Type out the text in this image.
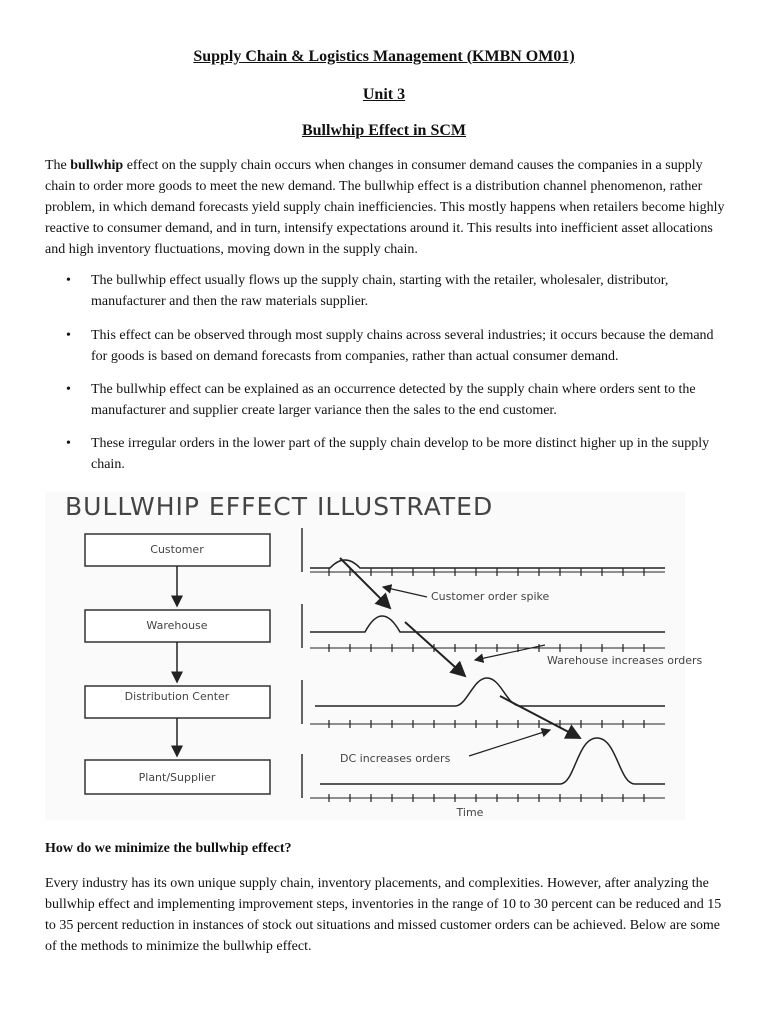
Supply Chain & Logistics Management (KMBN OM01)
Unit 3
Bullwhip Effect in SCM

The bullwhip effect on the supply chain occurs when changes in consumer demand causes the companies in a supply chain to order more goods to meet the new demand. The bullwhip effect is a distribution channel phenomenon, rather problem, in which demand forecasts yield supply chain inefficiencies. This mostly happens when retailers become highly reactive to consumer demand, and in turn, intensify expectations around it. This results into inefficient asset allocations and high inventory fluctuations, moving down in the supply chain.

• The bullwhip effect usually flows up the supply chain, starting with the retailer, wholesaler, distributor, manufacturer and then the raw materials supplier.

• This effect can be observed through most supply chains across several industries; it occurs because the demand for goods is based on demand forecasts from companies, rather than actual consumer demand.

• The bullwhip effect can be explained as an occurrence detected by the supply chain where orders sent to the manufacturer and supplier create larger variance then the sales to the end customer.

• These irregular orders in the lower part of the supply chain develop to be more distinct higher up in the supply chain.

Customer
Warehouse
Distribution Center
Plant/Supplier
Customer order spike
Warehouse increases orders
DC increases orders
Time
BULLWHIP EFFECT ILLUSTRATED

How do we minimize the bullwhip effect?

Every industry has its own unique supply chain, inventory placements, and complexities. However, after analyzing the bullwhip effect and implementing improvement steps, inventories in the range of 10 to 30 percent can be reduced and 15 to 35 percent reduction in instances of stock out situations and missed customer orders can be achieved. Below are some of the methods to minimize the bullwhip effect.
